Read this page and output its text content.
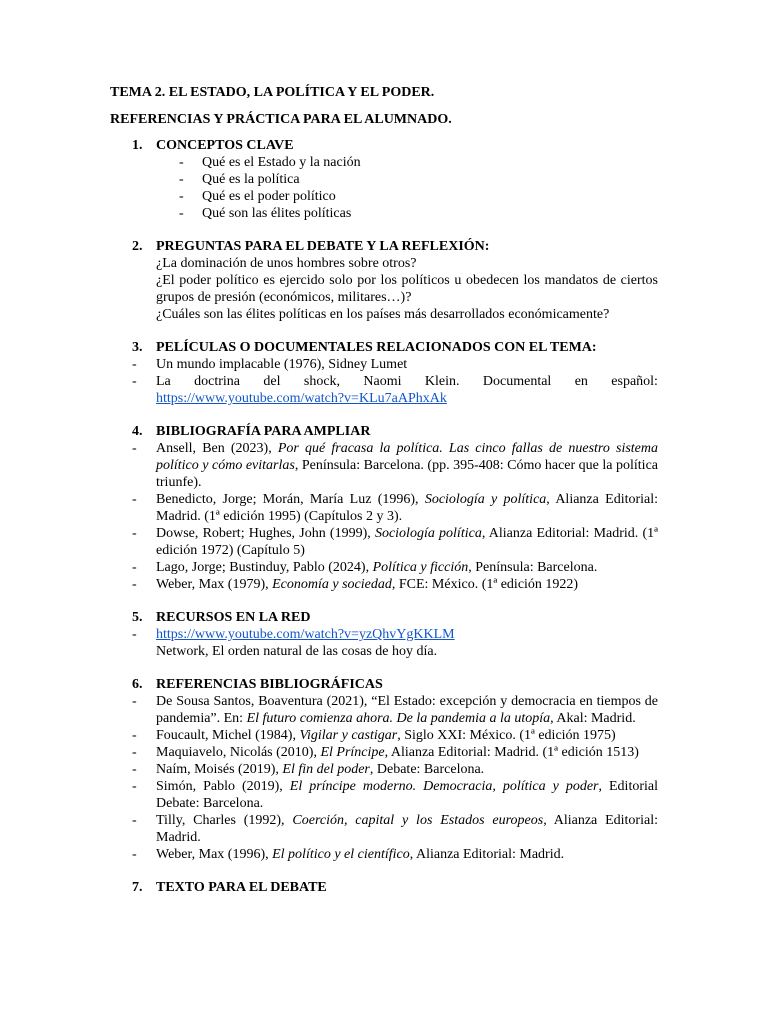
TEMA 2. EL ESTADO, LA POLÍTICA Y EL PODER.

REFERENCIAS Y PRÁCTICA PARA EL ALUMNADO.

1. CONCEPTOS CLAVE
- Qué es el Estado y la nación
- Qué es la política
- Qué es el poder político
- Qué son las élites políticas
2. PREGUNTAS PARA EL DEBATE Y LA REFLEXIÓN:
¿La dominación de unos hombres sobre otros?
¿El poder político es ejercido solo por los políticos u obedecen los mandatos de ciertos grupos de presión (económicos, militares…)?
¿Cuáles son las élites políticas en los países más desarrollados económicamente?
3. PELÍCULAS O DOCUMENTALES RELACIONADOS CON EL TEMA:
- Un mundo implacable (1976), Sidney Lumet
- La doctrina del shock, Naomi Klein. Documental en español:
https://www.youtube.com/watch?v=KLu7aAPhxAk
4. BIBLIOGRAFÍA PARA AMPLIAR
- Ansell, Ben (2023), Por qué fracasa la política. Las cinco fallas de nuestro sistema político y cómo evitarlas, Península: Barcelona. (pp. 395-408: Cómo hacer que la política triunfe).
- Benedicto, Jorge; Morán, María Luz (1996), Sociología y política, Alianza Editorial: Madrid. (1ª edición 1995) (Capítulos 2 y 3).
- Dowse, Robert; Hughes, John (1999), Sociología política, Alianza Editorial: Madrid. (1ª edición 1972) (Capítulo 5)
- Lago, Jorge; Bustinduy, Pablo (2024), Política y ficción, Península: Barcelona.
- Weber, Max (1979), Economía y sociedad, FCE: México. (1ª edición 1922)
5. RECURSOS EN LA RED
- https://www.youtube.com/watch?v=yzQhvYgKKLM
Network, El orden natural de las cosas de hoy día.
6. REFERENCIAS BIBLIOGRÁFICAS
- De Sousa Santos, Boaventura (2021), “El Estado: excepción y democracia en tiempos de pandemia”. En: El futuro comienza ahora. De la pandemia a la utopía, Akal: Madrid.
- Foucault, Michel (1984), Vigilar y castigar, Siglo XXI: México. (1ª edición 1975)
- Maquiavelo, Nicolás (2010), El Príncipe, Alianza Editorial: Madrid. (1ª edición 1513)
- Naím, Moisés (2019), El fin del poder, Debate: Barcelona.
- Simón, Pablo (2019), El príncipe moderno. Democracia, política y poder, Editorial Debate: Barcelona.
- Tilly, Charles (1992), Coerción, capital y los Estados europeos, Alianza Editorial: Madrid.
- Weber, Max (1996), El político y el científico, Alianza Editorial: Madrid.
7. TEXTO PARA EL DEBATE
